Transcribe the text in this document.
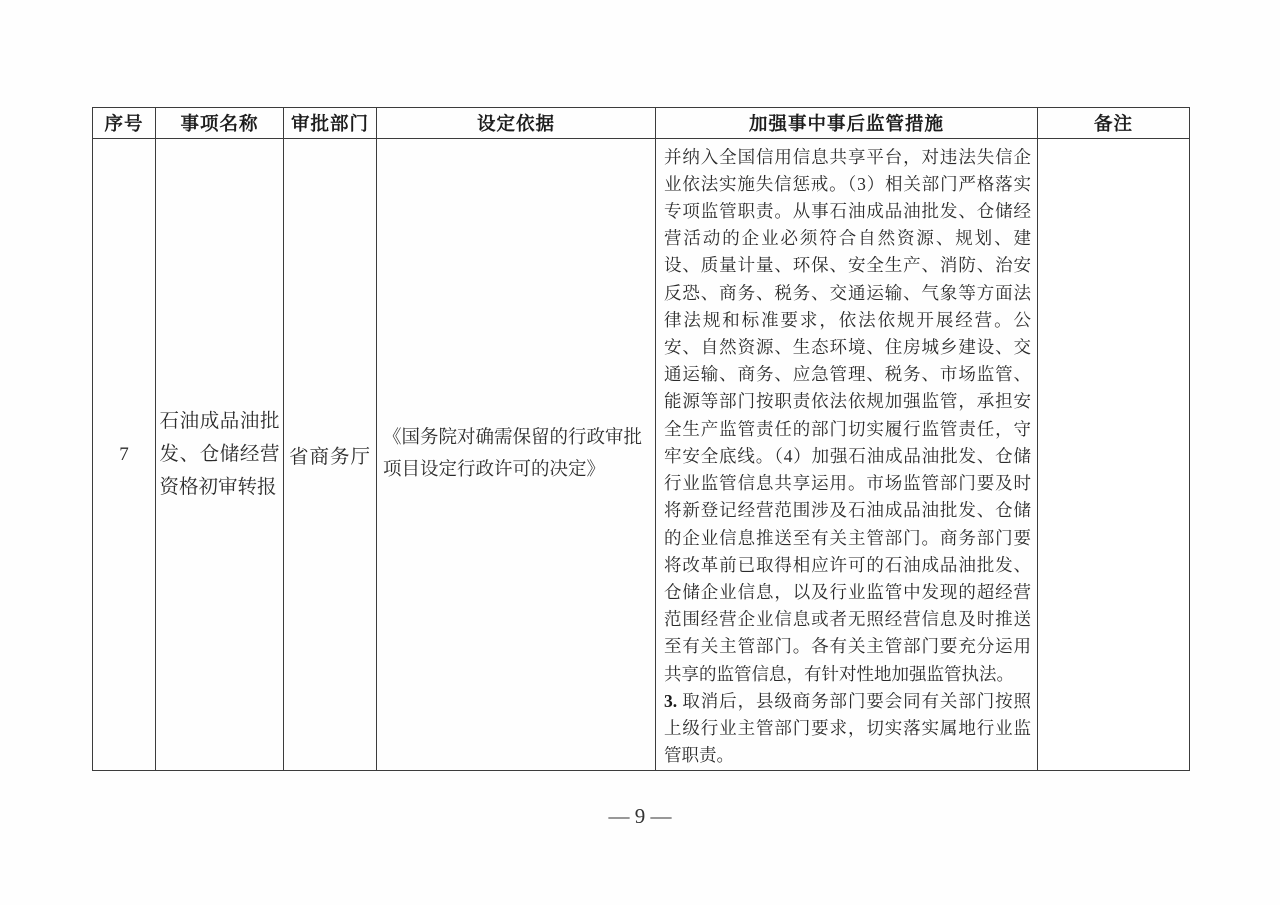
序号	事项名称	审批部门	设定依据	加强事中事后监管措施	备注
7	石油成品油批发、仓储经营资格初审转报	省商务厅	《国务院对确需保留的行政审批项目设定行政许可的决定》	并纳入全国信用信息共享平台，对违法失信企业依法实施失信惩戒。（3）相关部门严格落实专项监管职责。从事石油成品油批发、仓储经营活动的企业必须符合自然资源、规划、建设、质量计量、环保、安全生产、消防、治安反恐、商务、税务、交通运输、气象等方面法律法规和标准要求，依法依规开展经营。公安、自然资源、生态环境、住房城乡建设、交通运输、商务、应急管理、税务、市场监管、能源等部门按职责依法依规加强监管，承担安全生产监管责任的部门切实履行监管责任，守牢安全底线。（4）加强石油成品油批发、仓储行业监管信息共享运用。市场监管部门要及时将新登记经营范围涉及石油成品油批发、仓储的企业信息推送至有关主管部门。商务部门要将改革前已取得相应许可的石油成品油批发、仓储企业信息，以及行业监管中发现的超经营范围经营企业信息或者无照经营信息及时推送至有关主管部门。各有关主管部门要充分运用共享的监管信息，有针对性地加强监管执法。

3. 取消后，县级商务部门要会同有关部门按照上级行业主管部门要求，切实落实属地行业监管职责。	

— 9 —
